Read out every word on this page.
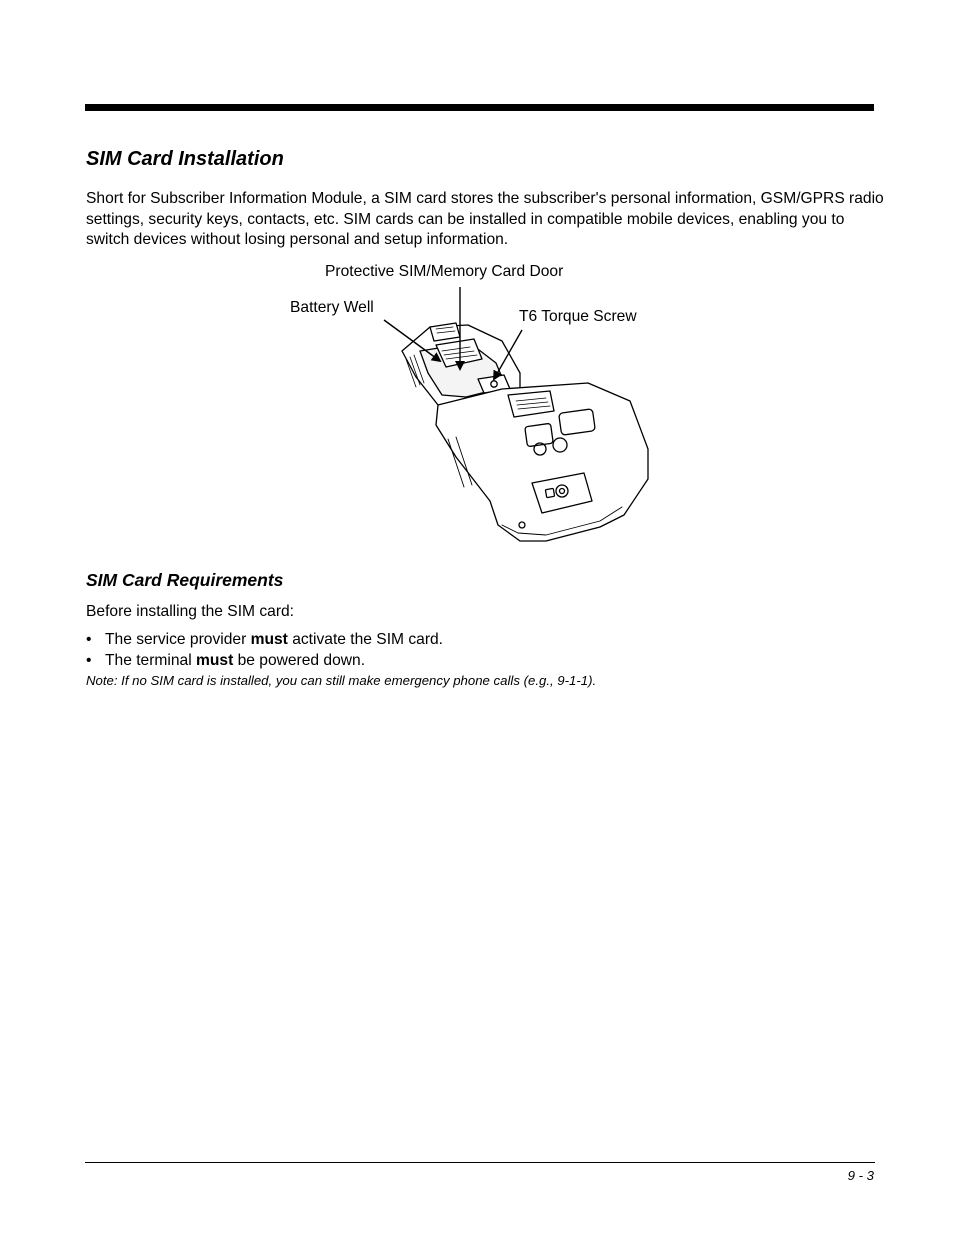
SIM Card Installation

Short for Subscriber Information Module, a SIM card stores the subscriber's personal information, GSM/GPRS radio settings, security keys, contacts, etc. SIM cards can be installed in compatible mobile devices, enabling you to switch devices without losing personal and setup information.

Protective SIM/Memory Card Door
Battery Well
T6 Torque Screw
SIM Card Requirements

Before installing the SIM card:

• The service provider must activate the SIM card.
• The terminal must be powered down.

Note: If no SIM card is installed, you can still make emergency phone calls (e.g., 9-1-1).

9 - 3
